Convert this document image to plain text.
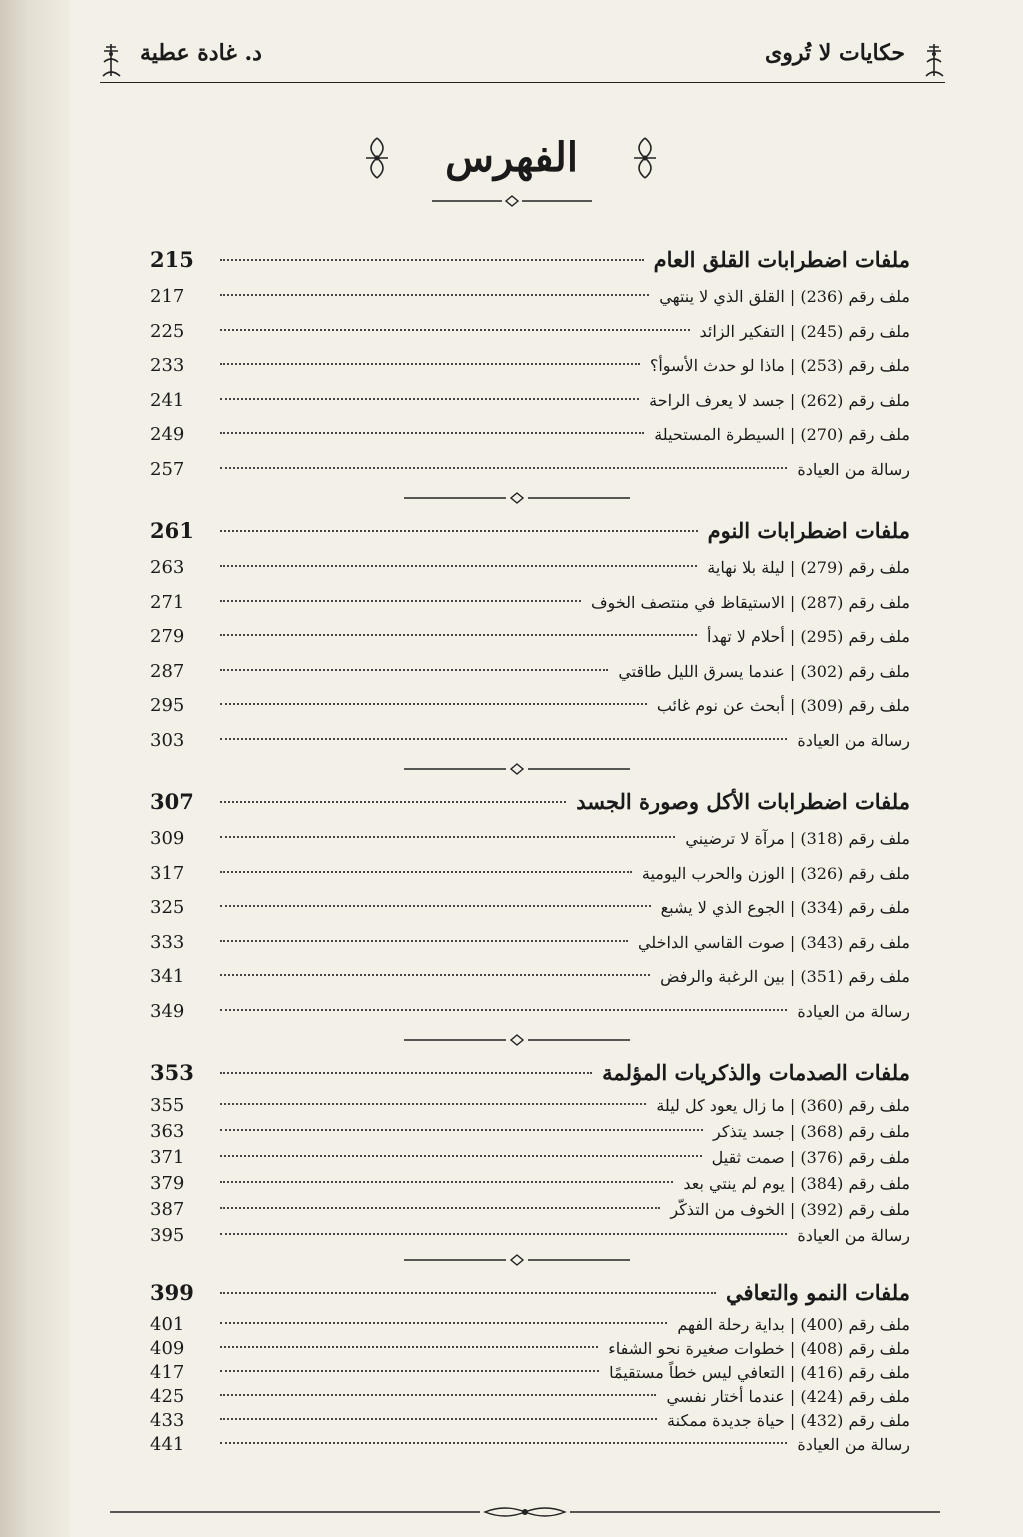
د. غادة عطية	حكايات لا تُروى
الفهرس
ملفات اضطرابات القلق العام
215
ملف رقم (236) | القلق الذي لا ينتهي
217
ملف رقم (245) | التفكير الزائد
225
ملف رقم (253) | ماذا لو حدث الأسوأ؟
233
ملف رقم (262) | جسد لا يعرف الراحة
241
ملف رقم (270) | السيطرة المستحيلة
249
رسالة من العيادة
257
ملفات اضطرابات النوم
261
ملف رقم (279) | ليلة بلا نهاية
263
ملف رقم (287) | الاستيقاظ في منتصف الخوف
271
ملف رقم (295) | أحلام لا تهدأ
279
ملف رقم (302) | عندما يسرق الليل طاقتي
287
ملف رقم (309) | أبحث عن نوم غائب
295
رسالة من العيادة
303
ملفات اضطرابات الأكل وصورة الجسد
307
ملف رقم (318) | مرآة لا ترضيني
309
ملف رقم (326) | الوزن والحرب اليومية
317
ملف رقم (334) | الجوع الذي لا يشبع
325
ملف رقم (343) | صوت القاسي الداخلي
333
ملف رقم (351) | بين الرغبة والرفض
341
رسالة من العيادة
349
ملفات الصدمات والذكريات المؤلمة
353
ملف رقم (360) | ما زال يعود كل ليلة
355
ملف رقم (368) | جسد يتذكر
363
ملف رقم (376) | صمت ثقيل
371
ملف رقم (384) | يوم لم ينتي بعد
379
ملف رقم (392) | الخوف من التذكّر
387
رسالة من العيادة
395
ملفات النمو والتعافي
399
ملف رقم (400) | بداية رحلة الفهم
401
ملف رقم (408) | خطوات صغيرة نحو الشفاء
409
ملف رقم (416) | التعافي ليس خطاً مستقيمًا
417
ملف رقم (424) | عندما أختار نفسي
425
ملف رقم (432) | حياة جديدة ممكنة
433
رسالة من العيادة
441
